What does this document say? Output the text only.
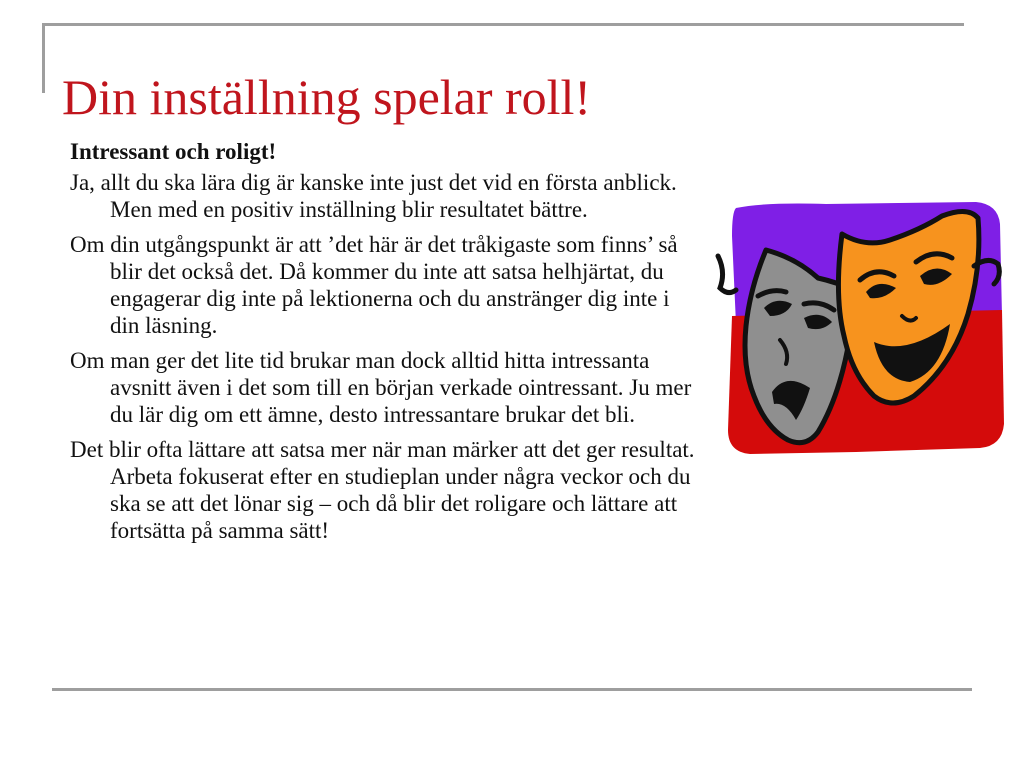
Din inställning spelar roll!

Intressant och roligt!

Ja, allt du ska lära dig är kanske inte just det vid en första anblick. Men med en positiv inställning blir resultatet bättre.

Om din utgångspunkt är att ’det här är det tråkigaste som finns’ så blir det också det. Då kommer du inte att satsa helhjärtat, du engagerar dig inte på lektionerna och du anstränger dig inte i din läsning.

Om man ger det lite tid brukar man dock alltid hitta intressanta avsnitt även i det som till en början verkade ointressant. Ju mer du lär dig om ett ämne, desto intressantare brukar det bli.

Det blir ofta lättare att satsa mer när man märker att det ger resultat. Arbeta fokuserat efter en studieplan under några veckor och du ska se att det lönar sig – och då blir det roligare och lättare att fortsätta på samma sätt!
